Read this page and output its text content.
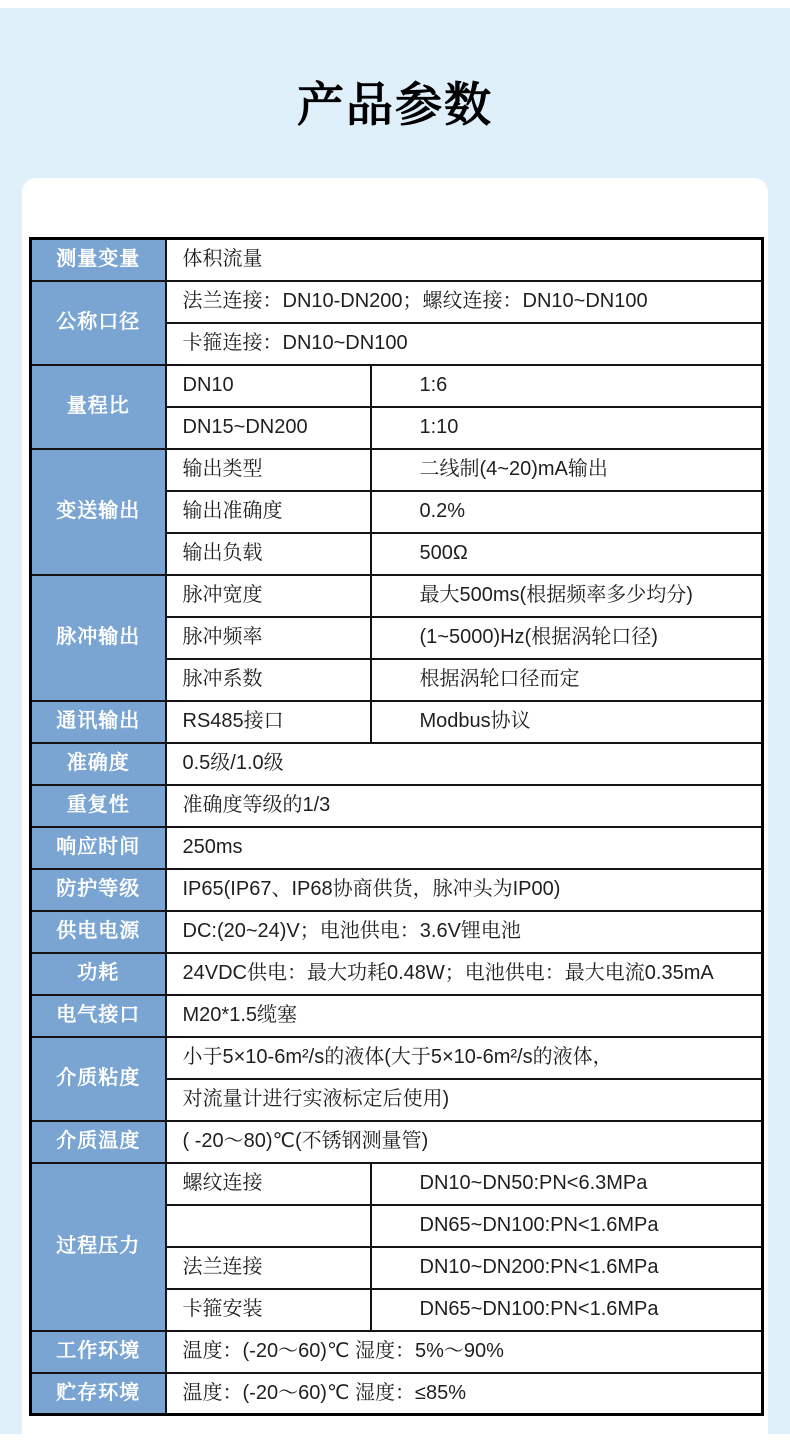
产品参数
测量变量	体积流量	
公称口径	法兰连接：DN10-DN200；螺纹连接：DN10~DN100	
	卡箍连接：DN10~DN100	
量程比	DN10	1:6
	DN15~DN200	1:10
变送输出	输出类型	二线制(4~20)mA输出
	输出准确度	0.2%
	输出负载	500Ω
脉冲输出	脉冲宽度	最大500ms(根据频率多少均分)
	脉冲频率	(1~5000)Hz(根据涡轮口径)
	脉冲系数	根据涡轮口径而定
通讯输出	RS485接口	Modbus协议
准确度	0.5级/1.0级	
重复性	准确度等级的1/3	
响应时间	250ms	
防护等级	IP65(IP67、IP68协商供货，脉冲头为IP00)	
供电电源	DC:(20~24)V；电池供电：3.6V锂电池	
功耗	24VDC供电：最大功耗0.48W；电池供电：最大电流0.35mA	
电气接口	M20*1.5缆塞	
介质粘度	小于5×10-6m²/s的液体(大于5×10-6m²/s的液体，	
	对流量计进行实液标定后使用)	
介质温度	( -20～80)℃(不锈钢测量管)	
过程压力	螺纹连接	DN10~DN50:PN<6.3MPa
		DN65~DN100:PN<1.6MPa
	法兰连接	DN10~DN200:PN<1.6MPa
	卡箍安装	DN65~DN100:PN<1.6MPa
工作环境	温度：(-20～60)℃ 湿度：5%～90%	
贮存环境	温度：(-20～60)℃ 湿度：≤85%	
